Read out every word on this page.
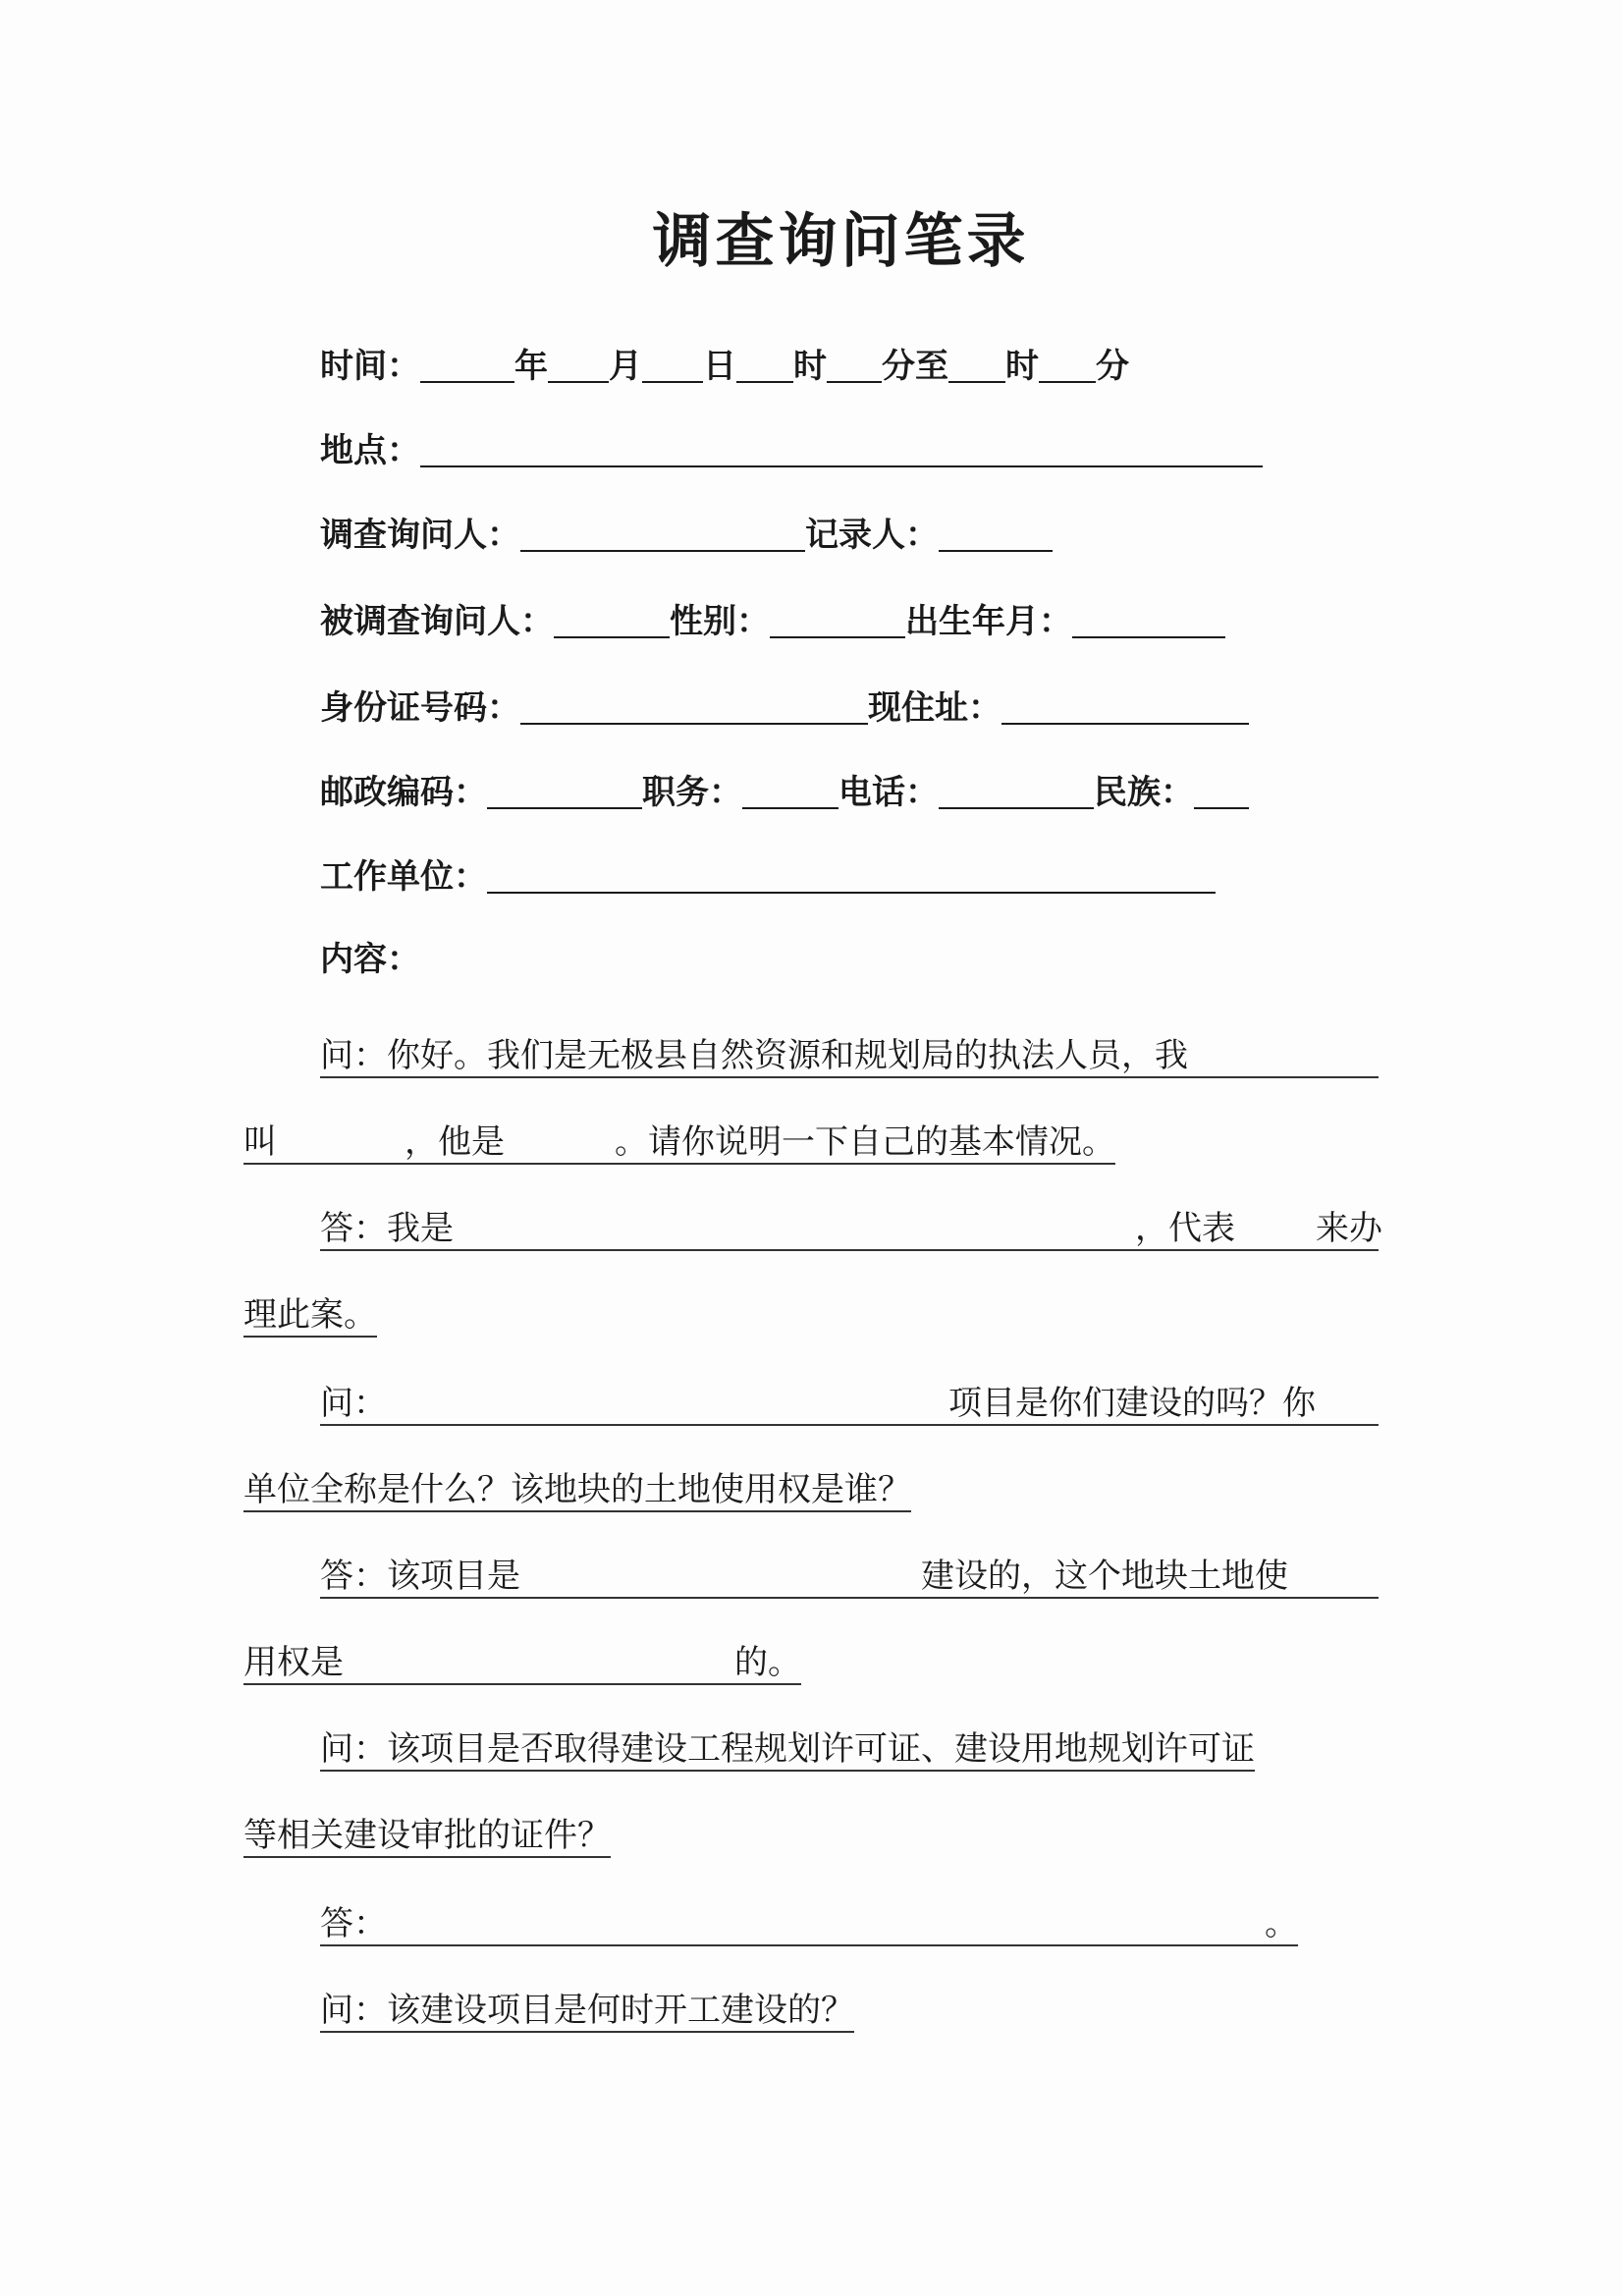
调查询问笔录
时间：	年 月 日 时 分至 时 分
地点：
调查询问人：	记录人：
被调查询问人：	性别：	出生年月：
身份证号码：	现住址：
邮政编码：	职务：	电话：	民族：
工作单位：
内容：
问：你好。我们是无极县自然资源和规划局的执法人员，我
叫	，他是	。请你说明一下自己的基本情况。
答：我是	，代表 来办
理此案。
问：	项目是你们建设的吗？你
单位全称是什么？该地块的土地使用权是谁？
答：该项目是	建设的，这个地块土地使
用权是	的。
问：该项目是否取得建设工程规划许可证、建设用地规划许可证
等相关建设审批的证件？
答：	。
问：该建设项目是何时开工建设的？
